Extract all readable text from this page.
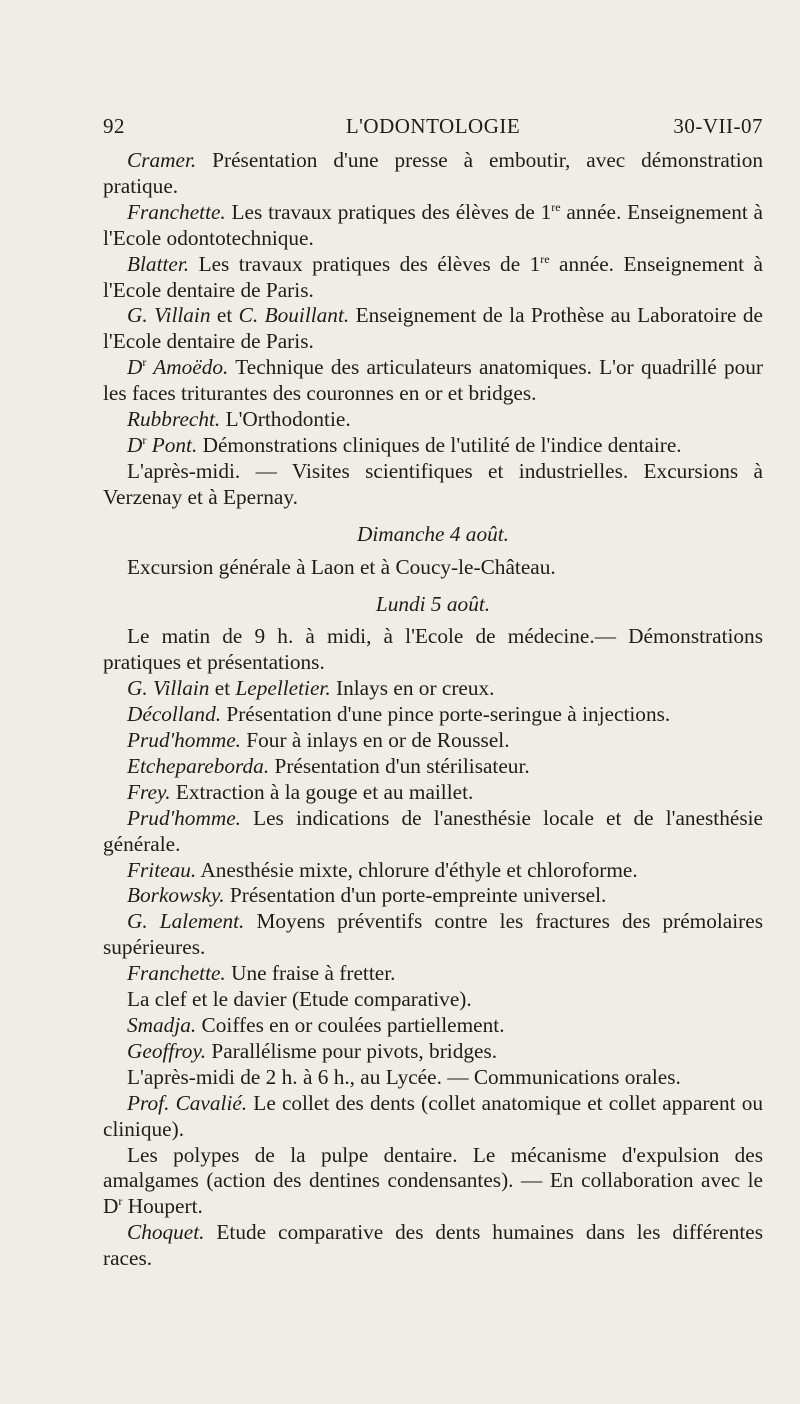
92	L'ODONTOLOGIE	30-VII-07

Cramer. Présentation d'une presse à emboutir, avec démonstration pratique.

Franchette. Les travaux pratiques des élèves de 1re année. Enseignement à l'Ecole odontotechnique.

Blatter. Les travaux pratiques des élèves de 1re année. Enseignement à l'Ecole dentaire de Paris.

G. Villain et C. Bouillant. Enseignement de la Prothèse au Laboratoire de l'Ecole dentaire de Paris.

$D^r$ Amoëdo. Technique des articulateurs anatomiques. L'or quadrillé pour les faces triturantes des couronnes en or et bridges.

Rubbrecht. L'Orthodontie.

$D^r$ Pont. Démonstrations cliniques de l'utilité de l'indice dentaire.

L'après-midi. — Visites scientifiques et industrielles. Excursions à Verzenay et à Epernay.

Dimanche 4 août.

Excursion générale à Laon et à Coucy-le-Château.

Lundi 5 août.

Le matin de 9 h. à midi, à l'Ecole de médecine.— Démonstrations pratiques et présentations.

G. Villain et Lepelletier. Inlays en or creux.

Décolland. Présentation d'une pince porte-seringue à injections.

Prud'homme. Four à inlays en or de Roussel.

Etchepareborda. Présentation d'un stérilisateur.

Frey. Extraction à la gouge et au maillet.

Prud'homme. Les indications de l'anesthésie locale et de l'anesthésie générale.

Friteau. Anesthésie mixte, chlorure d'éthyle et chloroforme.

Borkowsky. Présentation d'un porte-empreinte universel.

G. Lalement. Moyens préventifs contre les fractures des prémolaires supérieures.

Franchette. Une fraise à fretter.

La clef et le davier (Etude comparative).

Smadja. Coiffes en or coulées partiellement.

Geoffroy. Parallélisme pour pivots, bridges.

L'après-midi de 2 h. à 6 h., au Lycée. — Communications orales.

Prof. Cavalié. Le collet des dents (collet anatomique et collet apparent ou clinique).

Les polypes de la pulpe dentaire. Le mécanisme d'expulsion des amalgames (action des dentines condensantes). — En collaboration avec le $D^r$ Houpert.

Choquet. Etude comparative des dents humaines dans les différentes races.
